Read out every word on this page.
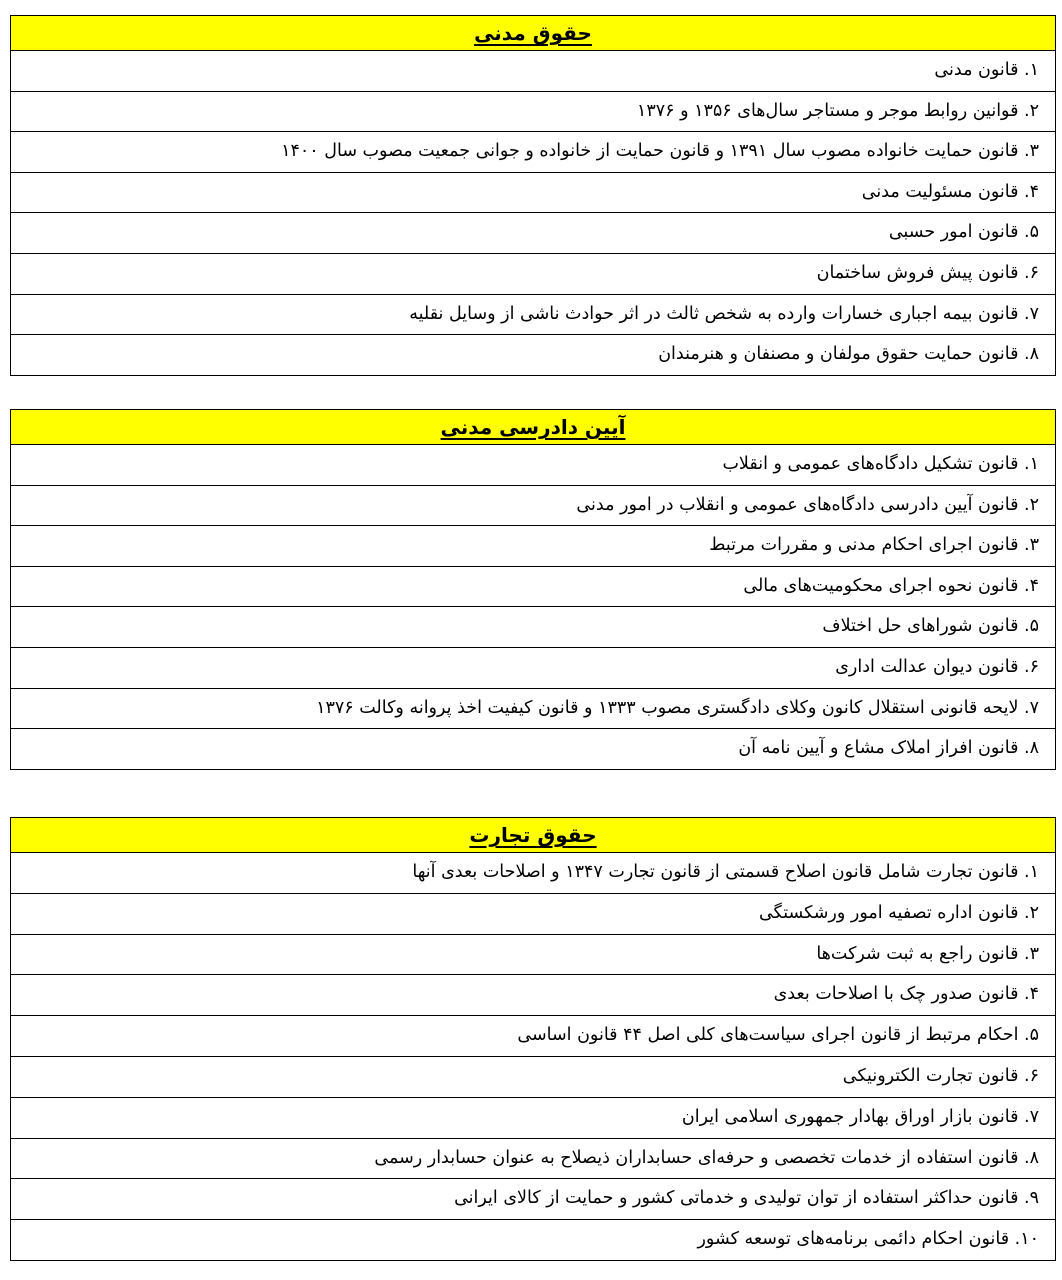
حقوق مدنی
۱. قانون مدنی
۲. قوانین روابط موجر و مستاجر سال‌های ۱۳۵۶ و ۱۳۷۶
۳. قانون حمایت خانواده مصوب سال ۱۳۹۱ و قانون حمایت از خانواده و جوانی جمعیت مصوب سال ۱۴۰۰
۴. قانون مسئولیت مدنی
۵. قانون امور حسبی
۶. قانون پیش فروش ساختمان
۷. قانون بیمه اجباری خسارات وارده به شخص ثالث در اثر حوادث ناشی از وسایل نقلیه
۸. قانون حمایت حقوق مولفان و مصنفان و هنرمندان
آیین دادرسی مدنی
۱. قانون تشکیل دادگاه‌های عمومی و انقلاب
۲. قانون آیین دادرسی دادگاه‌های عمومی و انقلاب در امور مدنی
۳. قانون اجرای احکام مدنی و مقررات مرتبط
۴. قانون نحوه اجرای محکومیت‌های مالی
۵. قانون شوراهای حل اختلاف
۶. قانون دیوان عدالت اداری
۷. لایحه قانونی استقلال کانون وکلای دادگستری مصوب ۱۳۳۳ و قانون کیفیت اخذ پروانه وکالت ۱۳۷۶
۸. قانون افراز املاک مشاع و آیین نامه آن
حقوق تجارت
۱. قانون تجارت شامل قانون اصلاح قسمتی از قانون تجارت ۱۳۴۷ و اصلاحات بعدی آنها
۲. قانون اداره تصفیه امور ورشکستگی
۳. قانون راجع به ثبت شرکت‌ها
۴. قانون صدور چک با اصلاحات بعدی
۵. احکام مرتبط از قانون اجرای سیاست‌های کلی اصل ۴۴ قانون اساسی
۶. قانون تجارت الکترونیکی
۷. قانون بازار اوراق بهادار جمهوری اسلامی ایران
۸. قانون استفاده از خدمات تخصصی و حرفه‌ای حسابداران ذیصلاح به عنوان حسابدار رسمی
۹. قانون حداکثر استفاده از توان تولیدی و خدماتی کشور و حمایت از کالای ایرانی
۱۰. قانون احکام دائمی برنامه‌های توسعه کشور
